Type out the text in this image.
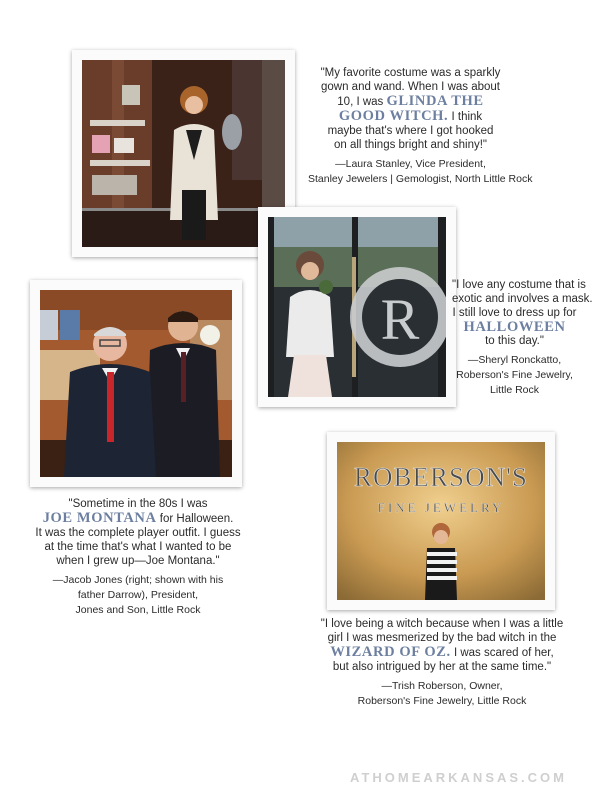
"My favorite costume was a sparkly
gown and wand. When I was about
10, I was GLINDA THE
GOOD WITCH. I think
maybe that's where I got hooked
on all things bright and shiny!"
—Laura Stanley, Vice President,
Stanley Jewelers | Gemologist, North Little Rock
R
"I love any costume that is
exotic and involves a mask.
I still love to dress up for
HALLOWEEN
to this day."
—Sheryl Ronckatto,
Roberson's Fine Jewelry,
Little Rock
"Sometime in the 80s I was
JOE MONTANA for Halloween.
It was the complete player outfit. I guess
at the time that's what I wanted to be
when I grew up—Joe Montana."
—Jacob Jones (right; shown with his
father Darrow), President,
Jones and Son, Little Rock
ROBERSON'S
FINE JEWELRY
"I love being a witch because when I was a little
girl I was mesmerized by the bad witch in the
WIZARD OF OZ. I was scared of her,
but also intrigued by her at the same time."
—Trish Roberson, Owner,
Roberson's Fine Jewelry, Little Rock
ATHOMEARKANSAS.COM
